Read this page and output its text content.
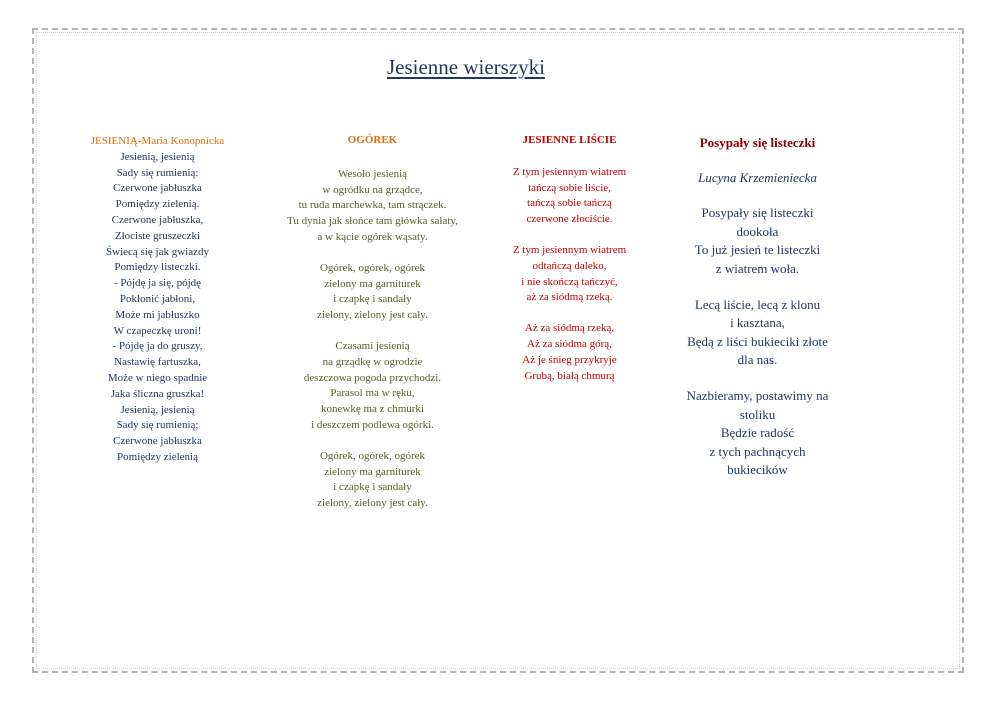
Jesienne wierszyki
JESIENIĄ-Maria Konopnicka
Jesienią, jesienią
Sady się rumienią:
Czerwone jabłuszka
Pomiędzy zielenią.
Czerwone jabłuszka,
Złociste gruszeczki
Świecą się jak gwiazdy
Pomiędzy listeczki.
- Pójdę ja się, pójdę
Pokłonić jabłoni,
Może mi jabłuszko
W czapeczkę uroni!
- Pójdę ja do gruszy,
Nastawię fartuszka,
Może w niego spadnie
Jaka śliczna gruszka!
Jesienią, jesienią
Sady się rumienią;
Czerwone jabłuszka
Pomiędzy zielenią
OGÓREK
Wesoło jesienią
w ogródku na grządce,
tu ruda marchewka, tam strączek.
Tu dynia jak słońce tam główka sałaty,
a w kącie ogórek wąsaty.
Ogórek, ogórek, ogórek
zielony ma garniturek
i czapkę i sandały
zielony, zielony jest cały.
Czasami jesienią
na grządkę w ogrodzie
deszczowa pogoda przychodzi.
Parasol ma w ręku,
konewkę ma z chmurki
i deszczem podlewa ogórki.
Ogórek, ogórek, ogórek
zielony ma garniturek
i czapkę i sandały
zielony, zielony jest cały.
JESIENNE LIŚCIE
Z tym jesiennym wiatrem
tańczą sobie liście,
tańczą sobie tańczą
czerwone złociście.
Z tym jesiennym wiatrem
odtańczą daleko,
i nie skończą tańczyć,
aż za siódmą rzeką.
Aż za siódmą rzeką,
Aż za siódma górą,
Aż je śnieg przykryje
Grubą, białą chmurą
Posypały się listeczki
Lucyna Krzemieniecka
Posypały się listeczki
dookoła
To już jesień te listeczki
z wiatrem woła.
Lecą liście, lecą z klonu
i kasztana,
Będą z liści bukieciki złote
dla nas.
Nazbieramy, postawimy na
stoliku
Będzie radość
z tych pachnących
bukiecików
